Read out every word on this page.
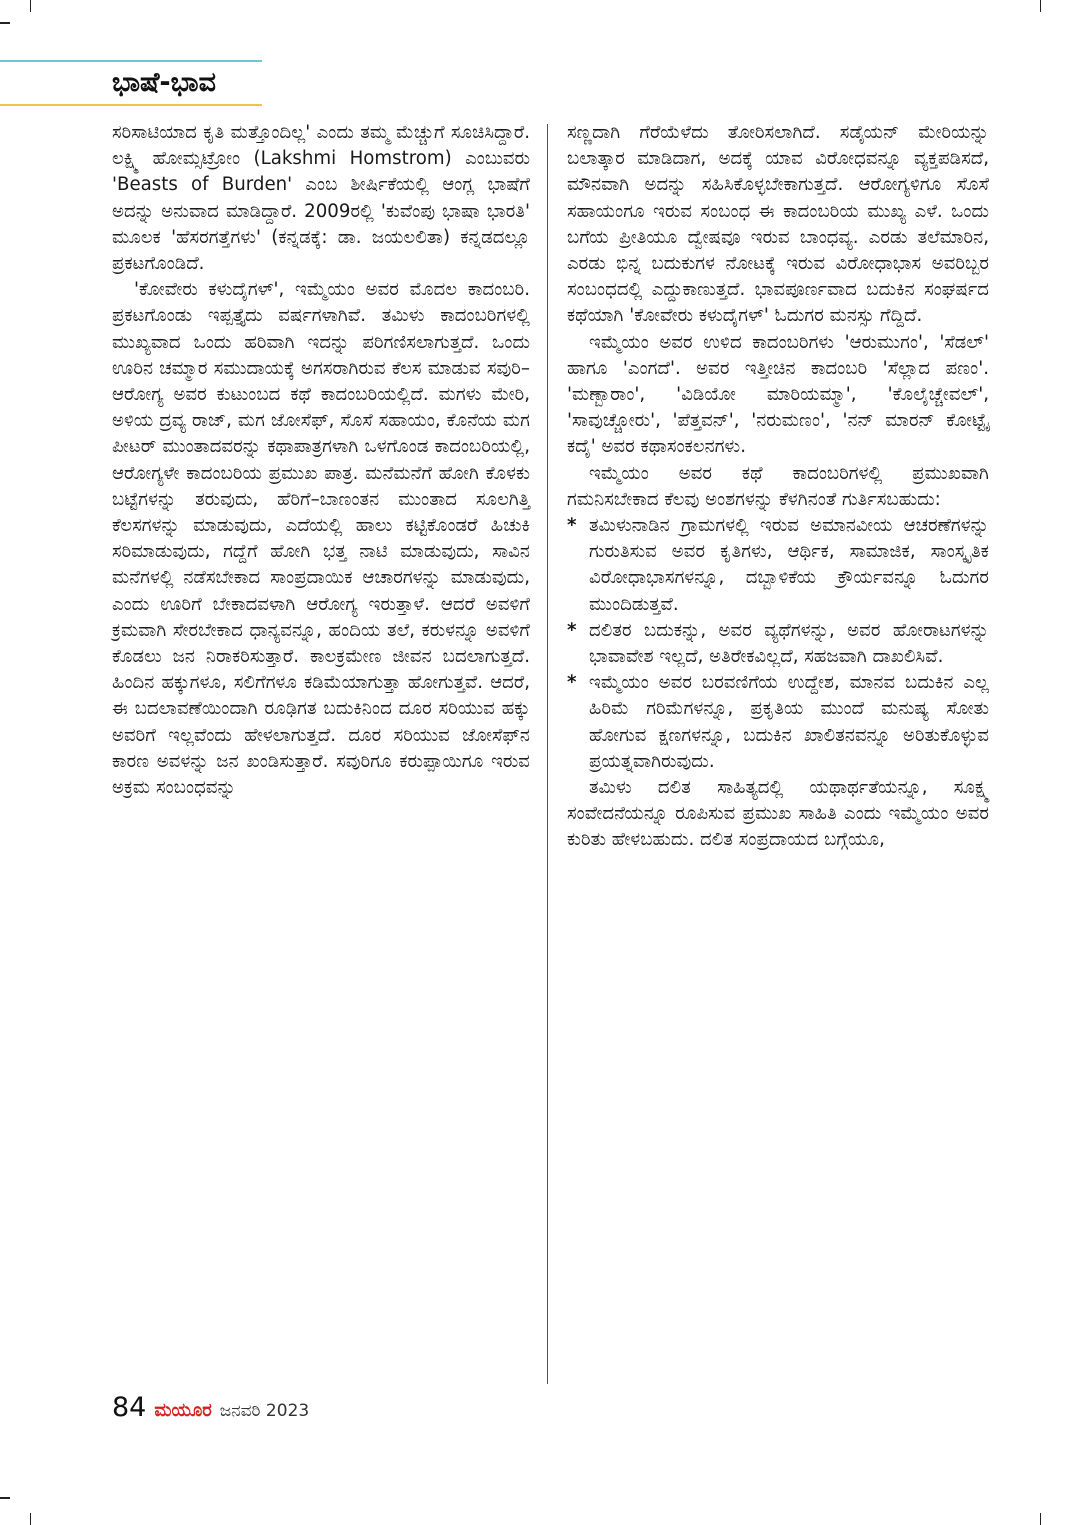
ಭಾಷೆ-ಭಾವ

ಸರಿಸಾಟಿಯಾದ ಕೃತಿ ಮತ್ತೊಂದಿಲ್ಲ' ಎಂದು ತಮ್ಮ ಮೆಚ್ಚುಗೆ ಸೂಚಿಸಿದ್ದಾರೆ. ಲಕ್ಷ್ಮಿ ಹೋಮ್ಸಟ್ರೋಂ (Lakshmi Homstrom) ಎಂಬುವರು 'Beasts of Burden' ಎಂಬ ಶೀರ್ಷಿಕೆಯಲ್ಲಿ ಆಂಗ್ಲ ಭಾಷೆಗೆ ಅದನ್ನು ಅನುವಾದ ಮಾಡಿದ್ದಾರೆ. 2009ರಲ್ಲಿ 'ಕುವೆಂಪು ಭಾಷಾ ಭಾರತಿ' ಮೂಲಕ 'ಹೆಸರಗತ್ತೆಗಳು' (ಕನ್ನಡಕ್ಕೆ: ಡಾ. ಜಯಲಲಿತಾ) ಕನ್ನಡದಲ್ಲೂ ಪ್ರಕಟಗೊಂಡಿದೆ.

'ಕೋವೇರು ಕಳುದೈಗಳ್', ಇಮ್ಮೆಯಂ ಅವರ ಮೊದಲ ಕಾದಂಬರಿ. ಪ್ರಕಟಗೊಂಡು ಇಪ್ಪತ್ತೈದು ವರ್ಷಗಳಾಗಿವೆ. ತಮಿಳು ಕಾದಂಬರಿಗಳಲ್ಲಿ ಮುಖ್ಯವಾದ ಒಂದು ಹರಿವಾಗಿ ಇದನ್ನು ಪರಿಗಣಿಸಲಾಗುತ್ತದೆ. ಒಂದು ಊರಿನ ಚಮ್ಮಾರ ಸಮುದಾಯಕ್ಕೆ ಅಗಸರಾಗಿರುವ ಕೆಲಸ ಮಾಡುವ ಸವುರಿ–ಆರೋಗ್ಯ ಅವರ ಕುಟುಂಬದ ಕಥೆ ಕಾದಂಬರಿಯಲ್ಲಿದೆ. ಮಗಳು ಮೇರಿ, ಅಳಿಯ ದ್ರವ್ಯ ರಾಜ್, ಮಗ ಜೋಸೆಫ್, ಸೊಸೆ ಸಹಾಯಂ, ಕೊನೆಯ ಮಗ ಪೀಟರ್ ಮುಂತಾದವರನ್ನು ಕಥಾಪಾತ್ರಗಳಾಗಿ ಒಳಗೊಂಡ ಕಾದಂಬರಿಯಲ್ಲಿ, ಆರೋಗ್ಯಳೇ ಕಾದಂಬರಿಯ ಪ್ರಮುಖ ಪಾತ್ರ. ಮನೆಮನೆಗೆ ಹೋಗಿ ಕೊಳಕು ಬಟ್ಟೆಗಳನ್ನು ತರುವುದು, ಹೆರಿಗೆ–ಬಾಣಂತನ ಮುಂತಾದ ಸೂಲಗಿತ್ತಿ ಕೆಲಸಗಳನ್ನು ಮಾಡುವುದು, ಎದೆಯಲ್ಲಿ ಹಾಲು ಕಟ್ಟಿಕೊಂಡರೆ ಹಿಚುಕಿ ಸರಿಮಾಡುವುದು, ಗದ್ದೆಗೆ ಹೋಗಿ ಭತ್ತ ನಾಟಿ ಮಾಡುವುದು, ಸಾವಿನ ಮನೆಗಳಲ್ಲಿ ನಡೆಸಬೇಕಾದ ಸಾಂಪ್ರದಾಯಿಕ ಆಚಾರಗಳನ್ನು ಮಾಡುವುದು, ಎಂದು ಊರಿಗೆ ಬೇಕಾದವಳಾಗಿ ಆರೋಗ್ಯ ಇರುತ್ತಾಳೆ. ಆದರೆ ಅವಳಿಗೆ ಕ್ರಮವಾಗಿ ಸೇರಬೇಕಾದ ಧಾನ್ಯವನ್ನೂ, ಹಂದಿಯ ತಲೆ, ಕರುಳನ್ನೂ ಅವಳಿಗೆ ಕೊಡಲು ಜನ ನಿರಾಕರಿಸುತ್ತಾರೆ. ಕಾಲಕ್ರಮೇಣ ಜೀವನ ಬದಲಾಗುತ್ತದೆ. ಹಿಂದಿನ ಹಕ್ಕುಗಳೂ, ಸಲಿಗೆಗಳೂ ಕಡಿಮೆಯಾಗುತ್ತಾ ಹೋಗುತ್ತವೆ. ಆದರೆ, ಈ ಬದಲಾವಣೆಯಿಂದಾಗಿ ರೂಢಿಗತ ಬದುಕಿನಿಂದ ದೂರ ಸರಿಯುವ ಹಕ್ಕು ಅವರಿಗೆ ಇಲ್ಲವೆಂದು ಹೇಳಲಾಗುತ್ತದೆ. ದೂರ ಸರಿಯುವ ಜೋಸೆಫ್‌ನ ಕಾರಣ ಅವಳನ್ನು ಜನ ಖಂಡಿಸುತ್ತಾರೆ. ಸವುರಿಗೂ ಕರುಪ್ಪಾಯಿಗೂ ಇರುವ ಅಕ್ರಮ ಸಂಬಂಧವನ್ನು

ಸಣ್ಣದಾಗಿ ಗೆರೆಯೆಳೆದು ತೋರಿಸಲಾಗಿದೆ. ಸಡೈಯನ್ ಮೇರಿಯನ್ನು ಬಲಾತ್ಕಾರ ಮಾಡಿದಾಗ, ಅದಕ್ಕೆ ಯಾವ ವಿರೋಧವನ್ನೂ ವ್ಯಕ್ತಪಡಿಸದೆ, ಮೌನವಾಗಿ ಅದನ್ನು ಸಹಿಸಿಕೊಳ್ಳಬೇಕಾಗುತ್ತದೆ. ಆರೋಗ್ಯಳಿಗೂ ಸೊಸೆ ಸಹಾಯಂಗೂ ಇರುವ ಸಂಬಂಧ ಈ ಕಾದಂಬರಿಯ ಮುಖ್ಯ ಎಳೆ. ಒಂದು ಬಗೆಯ ಪ್ರೀತಿಯೂ ದ್ವೇಷವೂ ಇರುವ ಬಾಂಧವ್ಯ. ಎರಡು ತಲೆಮಾರಿನ, ಎರಡು ಭಿನ್ನ ಬದುಕುಗಳ ನೋಟಕ್ಕೆ ಇರುವ ವಿರೋಧಾಭಾಸ ಅವರಿಬ್ಬರ ಸಂಬಂಧದಲ್ಲಿ ಎದ್ದುಕಾಣುತ್ತದೆ. ಭಾವಪೂರ್ಣವಾದ ಬದುಕಿನ ಸಂಘರ್ಷದ ಕಥೆಯಾಗಿ 'ಕೋವೇರು ಕಳುದೈಗಳ್' ಓದುಗರ ಮನಸ್ಸು ಗೆದ್ದಿದೆ.

ಇಮ್ಮೆಯಂ ಅವರ ಉಳಿದ ಕಾದಂಬರಿಗಳು 'ಆರುಮುಗಂ', 'ಸೆಡಲ್' ಹಾಗೂ 'ಎಂಗದೆ'. ಅವರ ಇತ್ತೀಚಿನ ಕಾದಂಬರಿ 'ಸೆಲ್ಲಾದ ಪಣಂ'. 'ಮಣ್ಬಾರಾಂ', 'ವಿಡಿಯೋ ಮಾರಿಯಮ್ಮಾ', 'ಕೊಲೈಚ್ಚೇವಲ್', 'ಸಾವುಚ್ಚೋರು', 'ಪೆತ್ತವನ್', 'ನರುಮಣಂ', 'ನನ್ ಮಾರನ್ ಕೋಟ್ಟೈ ಕದೈ' ಅವರ ಕಥಾಸಂಕಲನಗಳು.

ಇಮ್ಮೆಯಂ ಅವರ ಕಥೆ ಕಾದಂಬರಿಗಳಲ್ಲಿ ಪ್ರಮುಖವಾಗಿ ಗಮನಿಸಬೇಕಾದ ಕೆಲವು ಅಂಶಗಳನ್ನು ಕೆಳಗಿನಂತೆ ಗುರ್ತಿಸಬಹುದು:

* ತಮಿಳುನಾಡಿನ ಗ್ರಾಮಗಳಲ್ಲಿ ಇರುವ ಅಮಾನವೀಯ ಆಚರಣೆಗಳನ್ನು ಗುರುತಿಸುವ ಅವರ ಕೃತಿಗಳು, ಆರ್ಥಿಕ, ಸಾಮಾಜಿಕ, ಸಾಂಸ್ಕೃತಿಕ ವಿರೋಧಾಭಾಸಗಳನ್ನೂ, ದಬ್ಬಾಳಿಕೆಯ ಕ್ರೌರ್ಯವನ್ನೂ ಓದುಗರ ಮುಂದಿಡುತ್ತವೆ.
* ದಲಿತರ ಬದುಕನ್ನು, ಅವರ ವ್ಯಥೆಗಳನ್ನು, ಅವರ ಹೋರಾಟಗಳನ್ನು ಭಾವಾವೇಶ ಇಲ್ಲದೆ, ಅತಿರೇಕವಿಲ್ಲದೆ, ಸಹಜವಾಗಿ ದಾಖಲಿಸಿವೆ.
* ಇಮ್ಮೆಯಂ ಅವರ ಬರವಣಿಗೆಯ ಉದ್ದೇಶ, ಮಾನವ ಬದುಕಿನ ಎಲ್ಲ ಹಿರಿಮೆ ಗರಿಮೆಗಳನ್ನೂ, ಪ್ರಕೃತಿಯ ಮುಂದೆ ಮನುಷ್ಯ ಸೋತು ಹೋಗುವ ಕ್ಷಣಗಳನ್ನೂ, ಬದುಕಿನ ಖಾಲಿತನವನ್ನೂ ಅರಿತುಕೊಳ್ಳುವ ಪ್ರಯತ್ನವಾಗಿರುವುದು.

ತಮಿಳು ದಲಿತ ಸಾಹಿತ್ಯದಲ್ಲಿ ಯಥಾರ್ಥತೆಯನ್ನೂ, ಸೂಕ್ಷ್ಮ ಸಂವೇದನೆಯನ್ನೂ ರೂಪಿಸುವ ಪ್ರಮುಖ ಸಾಹಿತಿ ಎಂದು ಇಮ್ಮೆಯಂ ಅವರ ಕುರಿತು ಹೇಳಬಹುದು. ದಲಿತ ಸಂಪ್ರದಾಯದ ಬಗ್ಗೆಯೂ,

84 ಮಯೂರ ಜನವರಿ 2023
